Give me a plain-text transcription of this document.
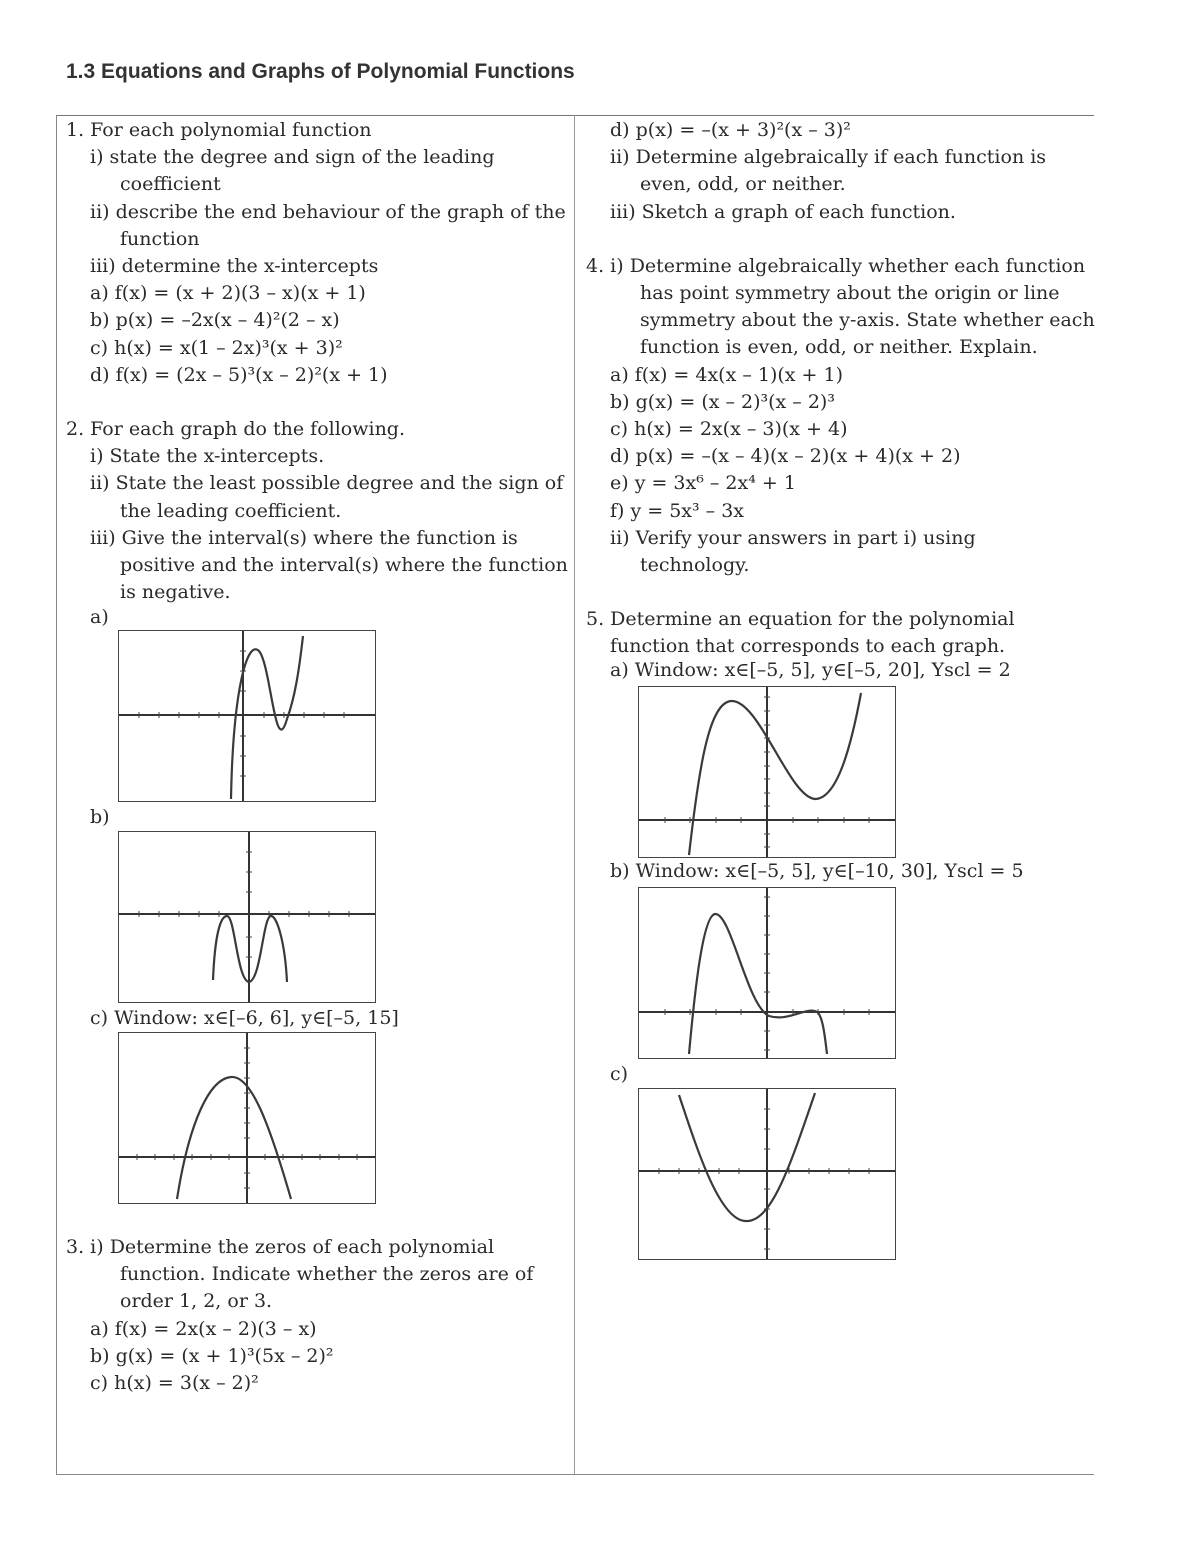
1.3 Equations and Graphs of Polynomial Functions
1. For each polynomial function
i) state the degree and sign of the leading
coefficient
ii) describe the end behaviour of the graph of the
function
iii) determine the x-intercepts
a) f(x) = (x + 2)(3 – x)(x + 1)
b) p(x) = –2x(x – 4)²(2 – x)
c) h(x) = x(1 – 2x)³(x + 3)²
d) f(x) = (2x – 5)³(x – 2)²(x + 1)
2. For each graph do the following.
i) State the x-intercepts.
ii) State the least possible degree and the sign of
the leading coefficient.
iii) Give the interval(s) where the function is
positive and the interval(s) where the function
is negative.
a)
b)
c) Window: x∈[–6, 6], y∈[–5, 15]
3. i) Determine the zeros of each polynomial
function. Indicate whether the zeros are of
order 1, 2, or 3.
a) f(x) = 2x(x – 2)(3 – x)
b) g(x) = (x + 1)³(5x – 2)²
c) h(x) = 3(x – 2)²
d) p(x) = –(x + 3)²(x – 3)²
ii) Determine algebraically if each function is
even, odd, or neither.
iii) Sketch a graph of each function.
4. i) Determine algebraically whether each function
has point symmetry about the origin or line
symmetry about the y-axis. State whether each
function is even, odd, or neither. Explain.
a) f(x) = 4x(x – 1)(x + 1)
b) g(x) = (x – 2)³(x – 2)³
c) h(x) = 2x(x – 3)(x + 4)
d) p(x) = –(x – 4)(x – 2)(x + 4)(x + 2)
e) y = 3x⁶ – 2x⁴ + 1
f) y = 5x³ – 3x
ii) Verify your answers in part i) using
technology.
5. Determine an equation for the polynomial
function that corresponds to each graph.
a) Window: x∈[–5, 5], y∈[–5, 20], Yscl = 2
b) Window: x∈[–5, 5], y∈[–10, 30], Yscl = 5
c)
